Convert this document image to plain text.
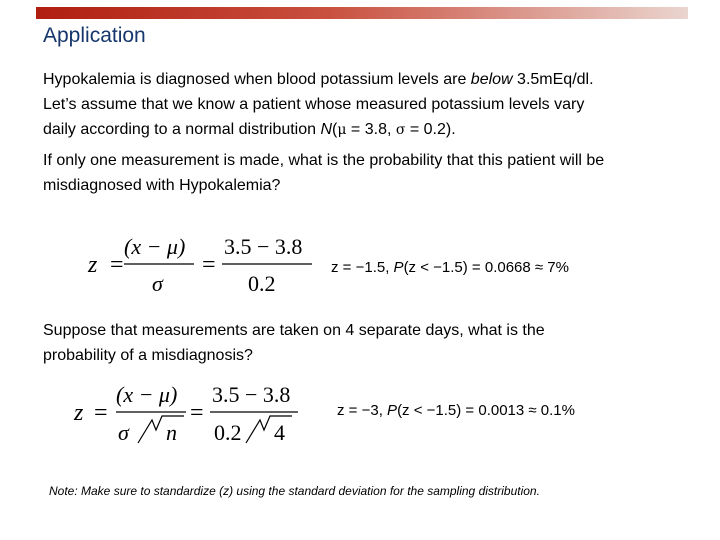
Application
Hypokalemia is diagnosed when blood potassium levels are below 3.5mEq/dl.
Let’s assume that we know a patient whose measured potassium levels vary
daily according to a normal distribution N(μ = 3.8, σ = 0.2).
If only one measurement is made, what is the probability that this patient will be
misdiagnosed with Hypokalemia?
z =
(x − μ)
σ
=
3.5 − 3.8
0.2
z = −1.5, P(z < −1.5) = 0.0668 ≈ 7%
Suppose that measurements are taken on 4 separate days, what is the
probability of a misdiagnosis?
z =
(x − μ)
σ n
=
3.5 − 3.8
0.2 4
z = −3, P(z < −1.5) = 0.0013 ≈ 0.1%
Note: Make sure to standardize (z) using the standard deviation for the sampling distribution.
